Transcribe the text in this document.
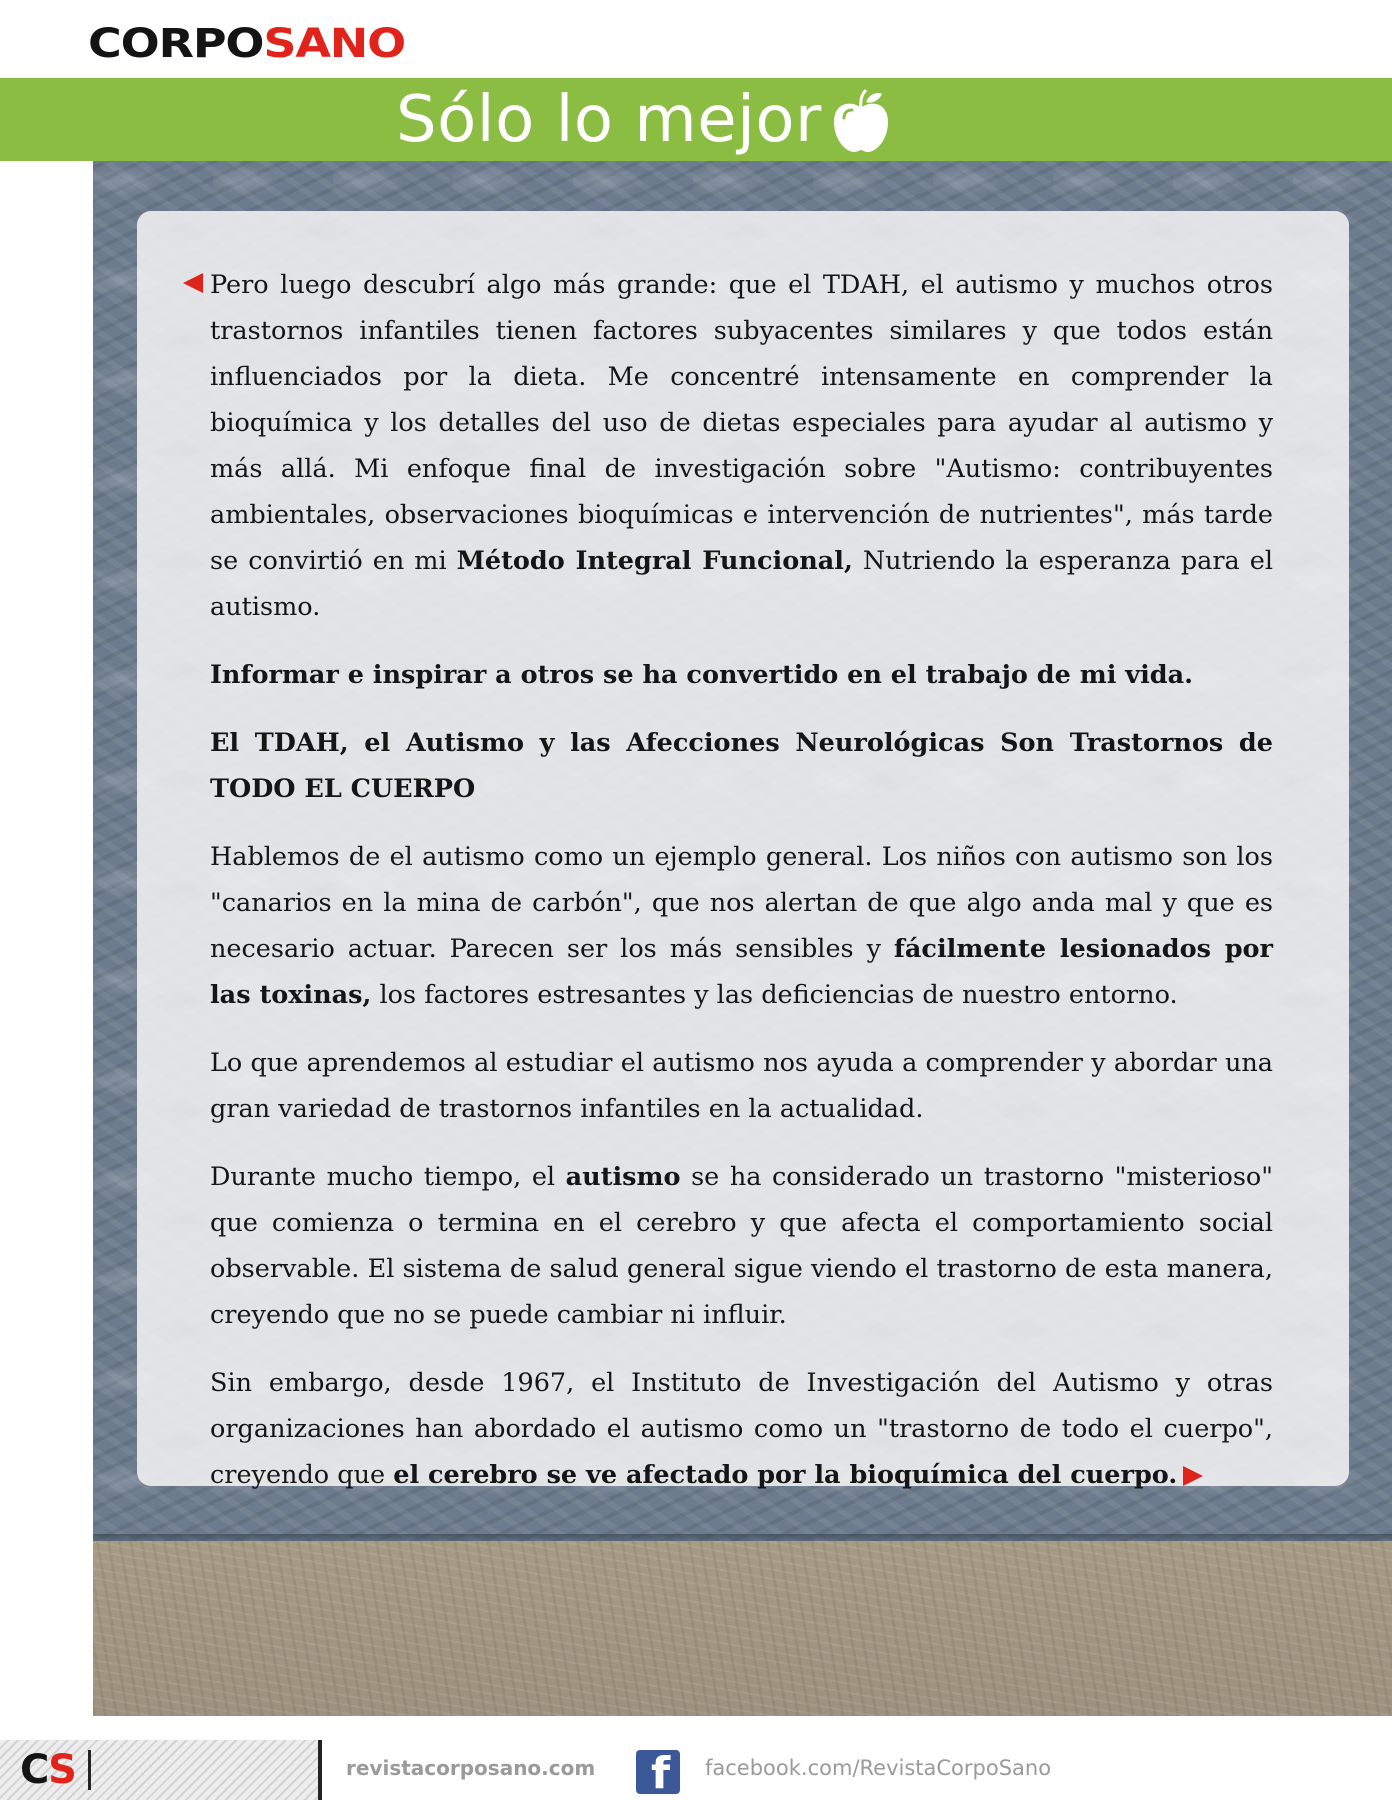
CORPOSANO
Sólo lo mejor

Pero luego descubrí algo más grande: que el TDAH, el autismo y muchos otros trastornos infantiles tienen factores subyacentes similares y que todos están influenciados por la dieta. Me concentré intensamente en comprender la bioquímica y los detalles del uso de dietas especiales para ayudar al autismo y más allá. Mi enfoque final de investigación sobre "Autismo: contribuyentes ambientales, observaciones bioquímicas e intervención de nutrientes", más tarde se convirtió en mi Método Integral Funcional, Nutriendo la esperanza para el autismo.

Informar e inspirar a otros se ha convertido en el trabajo de mi vida.

El TDAH, el Autismo y las Afecciones Neurológicas Son Trastornos de TODO EL CUERPO

Hablemos de el autismo como un ejemplo general. Los niños con autismo son los "canarios en la mina de carbón", que nos alertan de que algo anda mal y que es necesario actuar. Parecen ser los más sensibles y fácilmente lesionados por las toxinas, los factores estresantes y las deficiencias de nuestro entorno.

Lo que aprendemos al estudiar el autismo nos ayuda a comprender y abordar una gran variedad de trastornos infantiles en la actualidad.

Durante mucho tiempo, el autismo se ha considerado un trastorno "misterioso" que comienza o termina en el cerebro y que afecta el comportamiento social observable. El sistema de salud general sigue viendo el trastorno de esta manera, creyendo que no se puede cambiar ni influir.

Sin embargo, desde 1967, el Instituto de Investigación del Autismo y otras organizaciones han abordado el autismo como un "trastorno de todo el cuerpo", creyendo que el cerebro se ve afectado por la bioquímica del cuerpo.

CS	revistacorposano.com f facebook.com/RevistaCorpoSano
